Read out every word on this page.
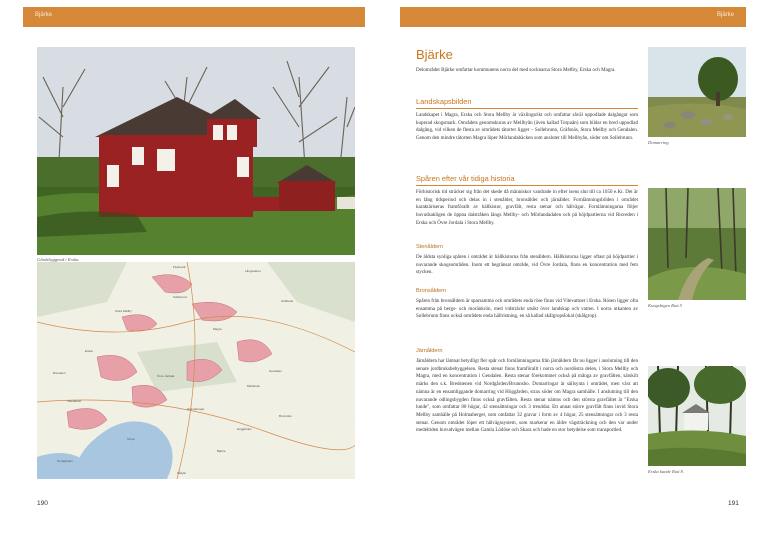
Bjärke	Bjärke
Gårdsbyggnad i Erska.
Flyttmark
Långvattnet
Sollebrunn
Gräfsnäs
Stora Mellby
Magra
Erska
Gendalen
Risveden
Övre Jordala
Mörlanda
Vitevattnet
Holmaberget
Brunnsbo
Höggården
Torpa
Bjärke
Nordgården
Kåsjön
Bjärke

Delområdet Bjärke omfattar kommunens norra del med socknarna Stora Mellby, Erska och Magra.

Landskapsbilden

Landskapet i Magra, Erska och Stora Mellby är växlingsrikt och omfattar såväl uppodlade dalgångar som kuperad skogsmark. Områdets genomskuras av Mellbyån (även kallad Torpaån) som bildar en bred uppodlad dalgång, vid vilken de flesta av områdets tätorter ligger – Sollebrunn, Gräfsnäs, Stora Mellby och Gendalen. Genom den mindre tätorten Magra löper Mörlandabäcken som ansluter till Mellbyån, söder om Sollebrunn.

Spåren efter vår tidiga historia

Förhistorisk tid sträcker sig från det skede då människor vandrade in efter isens slut till ca 1050 e.Kr. Det är en lång tidsperiod och delas in i stenålder, bronsålder och järnålder. Fornlämningsbilden i området karaktäriseras framförallt av hällkistor, gravfält, resta stenar och hålvägar. Fornlämningarna följer huvudsakligen de öppna dalstråken längs Mellby- och Mörlandadalen och på höjdpartierna vid Risveden i Erska och Övre Jordala i Stora Mellby.

Stenåldern

De äldsta synliga spåren i området är hällkistorna från stenåldern. Hällkistorna ligger oftast på höjdpartier i nuvarande skogsområden. Inom ett begränsat område, vid Övre Jordala, finns en koncentration med fem stycken.

Bronsåldern

Spåren från bronsåldern är sparsamma och områdets enda röse finns vid Vitevattnet i Erska. Rösen ligger ofta ensamma på bergs- och moränkrön, med vidsträckt utsikt över landskap och vatten. I norra utkanten av Sollebrunn finns också områdets enda hällristning, en så kallad skålgropslokal (skålgrop).

Järnåldern

Järnåldern har lämnat betydligt fler spår och fornlämningarna från järnåldern får nu ligger i anslutning till den senare jordbruksbebyggelsen. Resta stenar finns framförallt i norra och nordöstra delen, i Stora Mellby och Magra, med en koncentration i Gendalen. Resta stenar förekommer också på många av gravfälten, särskilt märks den s.k. Bredstenen vid Nordgården/Brunnsbo. Domarringar är sällsynta i området, men växt att nämna är en ensamliggande domarring vid Höggården, strax söder om Magra samhälle. I anslutning till den nuvarande odlingsbygden finns också gravfälten. Resta stenar nämns och den största gravfältet är "Erska lunde", som omfattar 80 högar, 42 stensättningar och 3 treuddar. Ett annat större gravfält finns invid Stora Mellby samhälle på Holmaberget, som omfattar 32 gravar i form av 4 högar, 25 stensättningar och 3 resta stenar. Genom området löper ett hålvägssystem, som markerar en äldre vägsträckning och den var under medeltiden huvudvägen mellan Gamla Lödöse och Skara och hade en stor betydelse som transportled.

Domarring
Kungsbigen Raä 5
Erska kunde Raä 8.
190	191
